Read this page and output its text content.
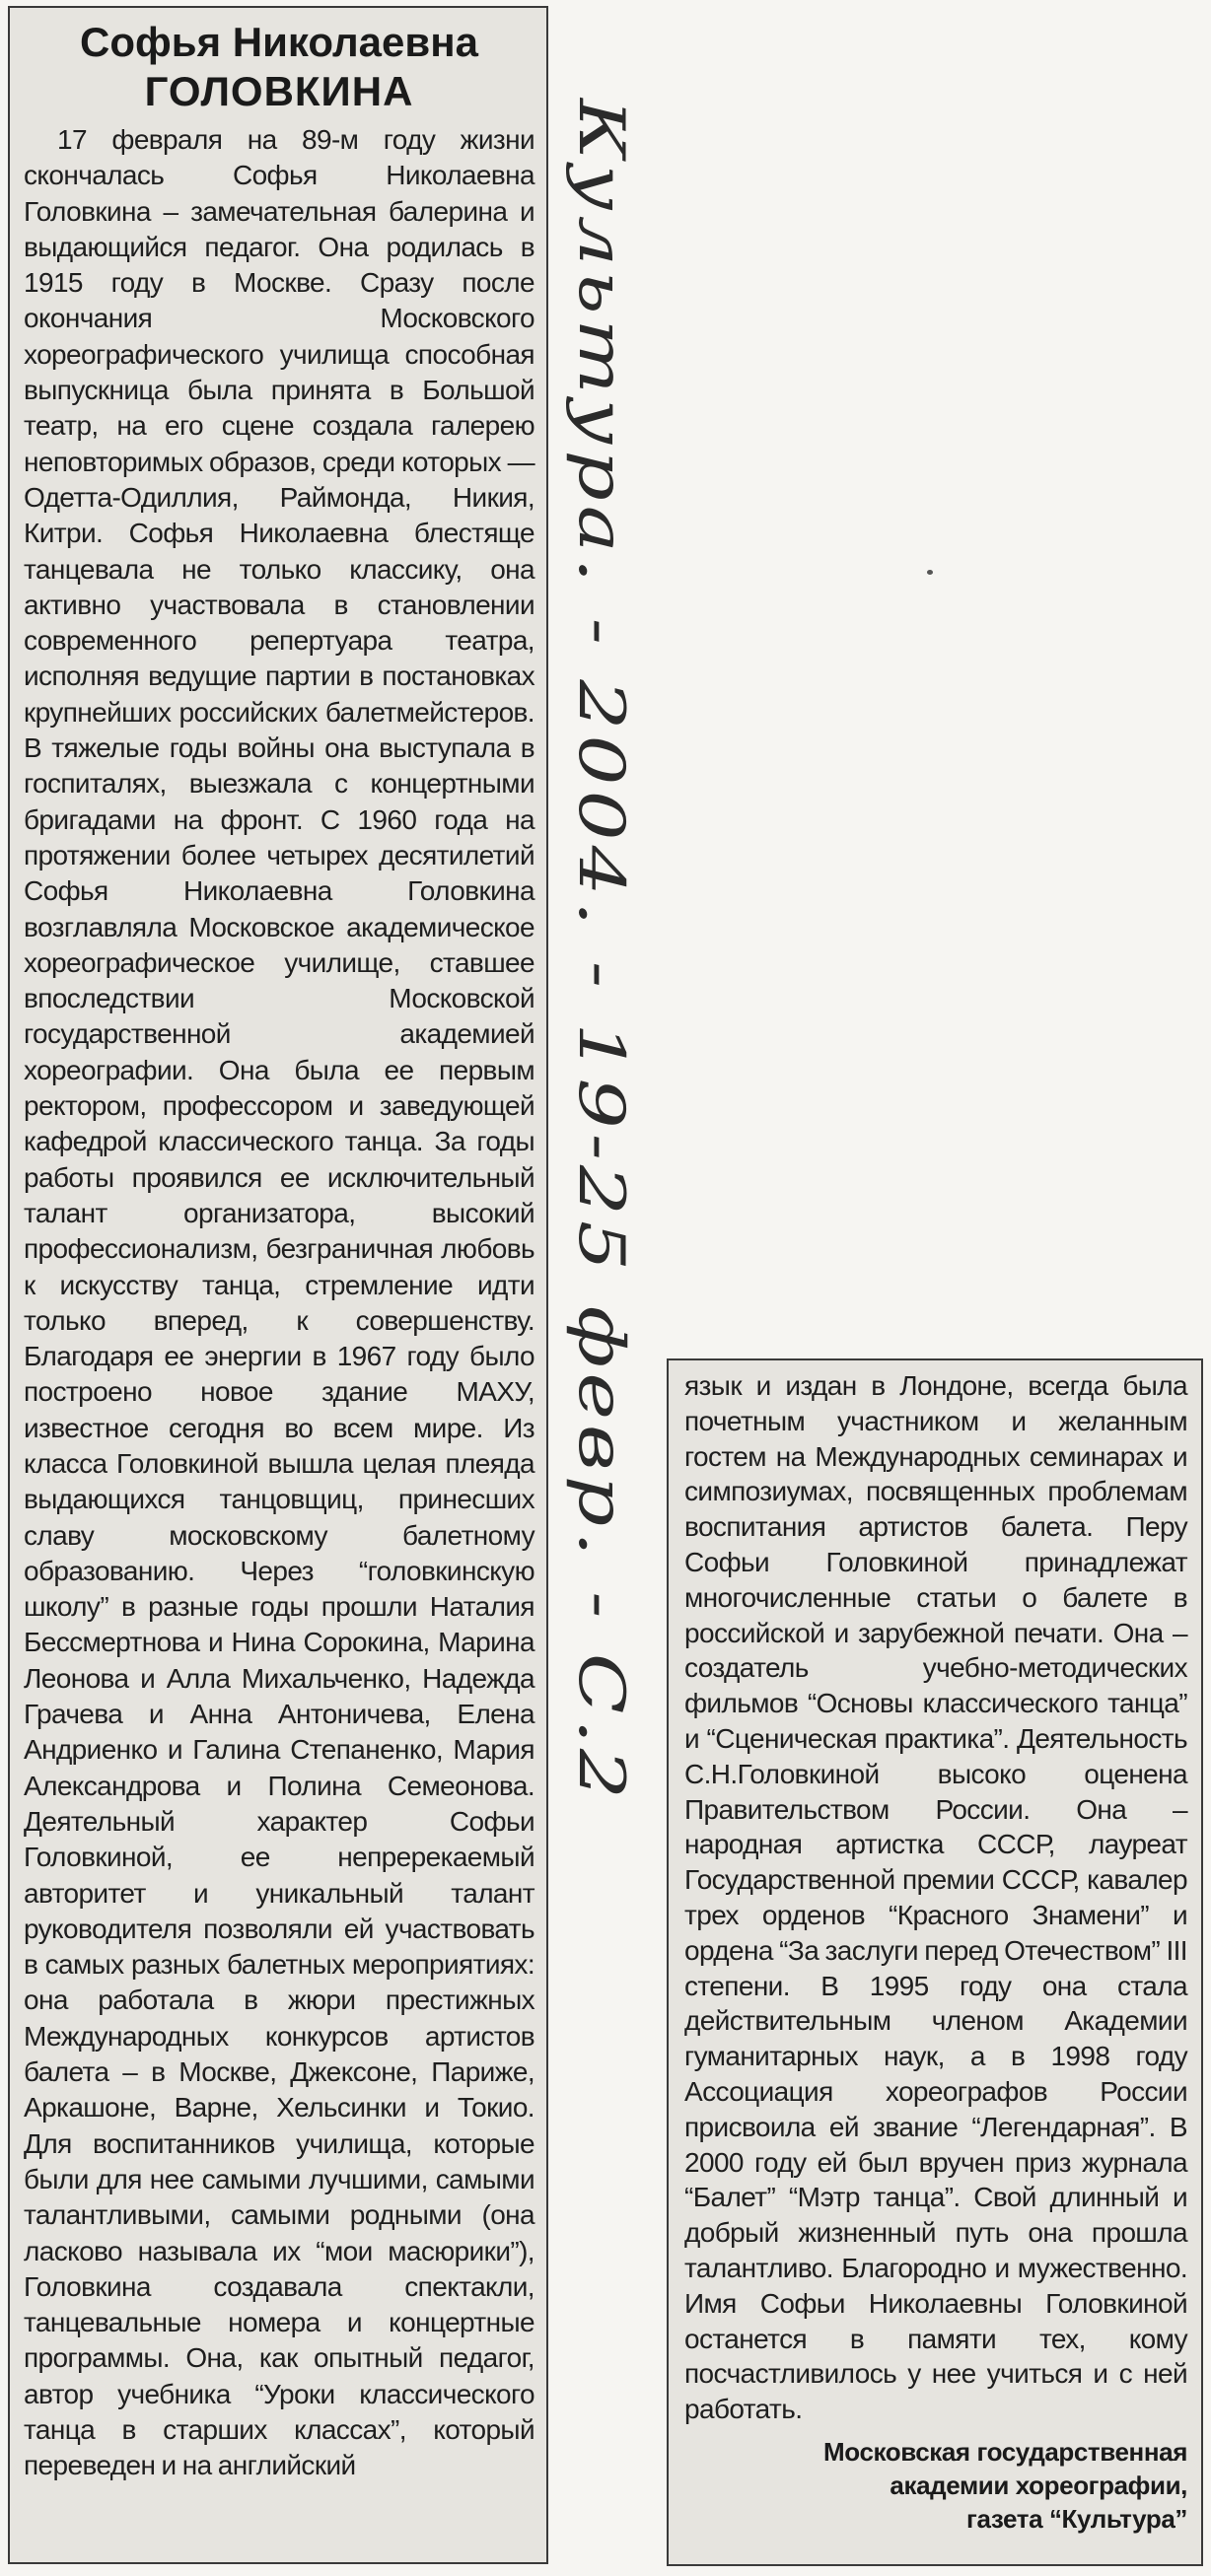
Софья Николаевна
ГОЛОВКИНА

17 февраля на 89-м году жизни скончалась Софья Николаевна Головкина – замечательная балерина и выдающийся педагог. Она родилась в 1915 году в Москве. Сразу после окончания Московского хореографического училища способная выпускница была принята в Большой театр, на его сцене создала галерею неповторимых образов, среди которых — Одетта-Одиллия, Раймонда, Никия, Китри. Софья Николаевна блестяще танцевала не только классику, она активно участвовала в становлении современного репертуара театра, исполняя ведущие партии в постановках крупнейших российских балетмейстеров. В тяжелые годы войны она выступала в госпиталях, выезжала с концертными бригадами на фронт. С 1960 года на протяжении более четырех десятилетий Софья Николаевна Головкина возглавляла Московское академическое хореографическое училище, ставшее впоследствии Московской государственной академией хореографии. Она была ее первым ректором, профессором и заведующей кафедрой классического танца. За годы работы проявился ее исключительный талант организатора, высокий профессионализм, безграничная любовь к искусству танца, стремление идти только вперед, к совершенству. Благодаря ее энергии в 1967 году было построено новое здание МАХУ, известное сегодня во всем мире. Из класса Головкиной вышла целая плеяда выдающихся танцовщиц, принесших славу московскому балетному образованию. Через “головкинскую школу” в разные годы прошли Наталия Бессмертнова и Нина Сорокина, Марина Леонова и Алла Михальченко, Надежда Грачева и Анна Антоничева, Елена Андриенко и Галина Степаненко, Мария Александрова и Полина Семеонова. Деятельный характер Софьи Головкиной, ее непререкаемый авторитет и уникальный талант руководителя позволяли ей участвовать в самых разных балетных мероприятиях: она работала в жюри престижных Международных конкурсов артистов балета – в Москве, Джексоне, Париже, Аркашоне, Варне, Хельсинки и Токио. Для воспитанников училища, которые были для нее самыми лучшими, самыми талантливыми, самыми родными (она ласково называла их “мои масюрики”), Головкина создавала спектакли, танцевальные номера и концертные программы. Она, как опытный педагог, автор учебника “Уроки классического танца в старших классах”, который переведен и на английский

Культура. - 2004. - 19-25 февр. - С.2 язык и издан в Лондоне, всегда была почетным участником и желанным гостем на Международных семинарах и симпозиумах, посвященных проблемам воспитания артистов балета. Перу Софьи Головкиной принадлежат многочисленные статьи о балете в российской и зарубежной печати. Она – создатель учебно-методических фильмов “Основы классического танца” и “Сценическая практика”. Деятельность С.Н.Головкиной высоко оценена Правительством России. Она – народная артистка СССР, лауреат Государственной премии СССР, кавалер трех орденов “Красного Знамени” и ордена “За заслуги перед Отечеством” III степени. В 1995 году она стала действительным членом Академии гуманитарных наук, а в 1998 году Ассоциация хореографов России присвоила ей звание “Легендарная”. В 2000 году ей был вручен приз журнала “Балет” “Мэтр танца”. Свой длинный и добрый жизненный путь она прошла талантливо. Благородно и мужественно. Имя Софьи Николаевны Головкиной останется в памяти тех, кому посчастливилось у нее учиться и с ней работать.

Московская государственная
академии хореографии,
газета “Культура”
